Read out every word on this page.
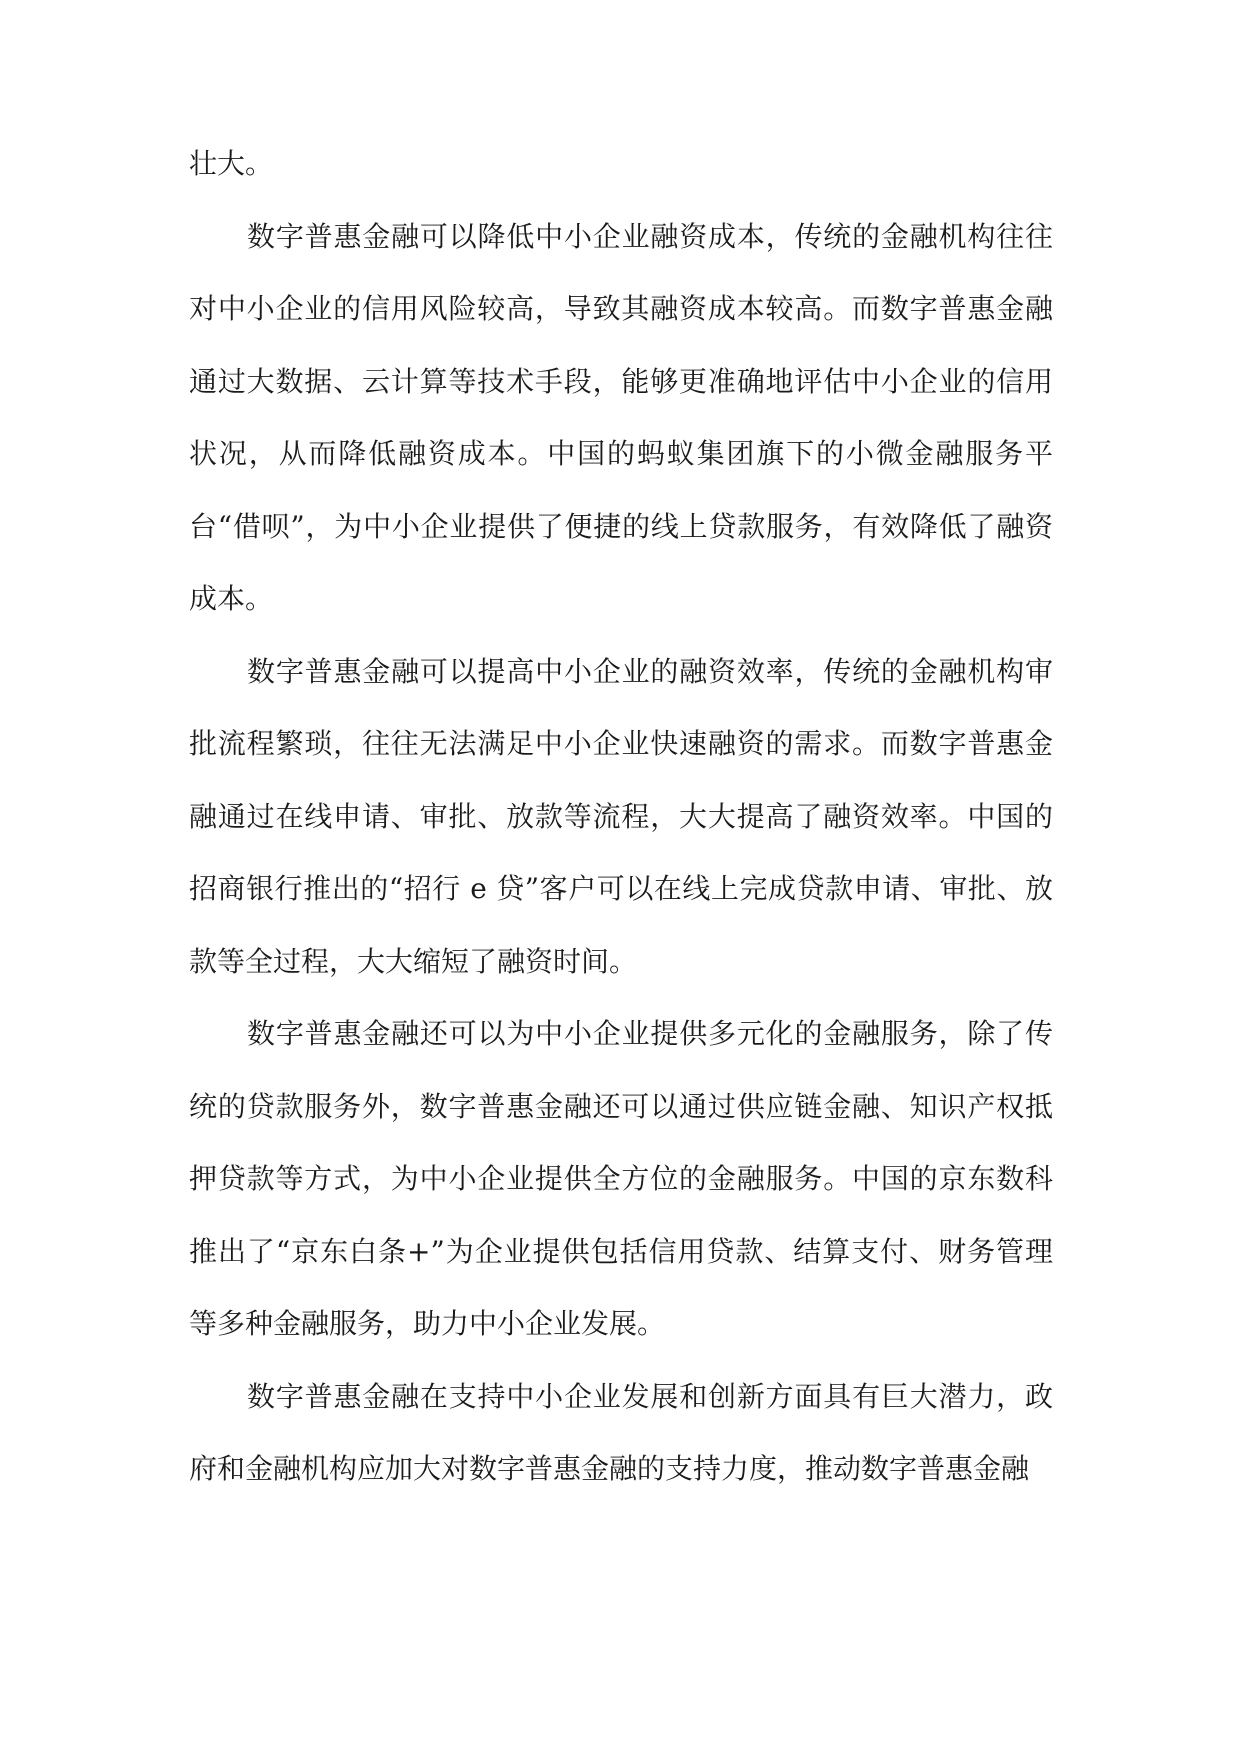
壮大。

数字普惠金融可以降低中小企业融资成本，传统的金融机构往往对中小企业的信用风险较高，导致其融资成本较高。而数字普惠金融通过大数据、云计算等技术手段，能够更准确地评估中小企业的信用状况，从而降低融资成本。中国的蚂蚁集团旗下的小微金融服务平台“借呗”，为中小企业提供了便捷的线上贷款服务，有效降低了融资成本。

数字普惠金融可以提高中小企业的融资效率，传统的金融机构审批流程繁琐，往往无法满足中小企业快速融资的需求。而数字普惠金融通过在线申请、审批、放款等流程，大大提高了融资效率。中国的招商银行推出的“招行 e 贷”客户可以在线上完成贷款申请、审批、放款等全过程，大大缩短了融资时间。

数字普惠金融还可以为中小企业提供多元化的金融服务，除了传统的贷款服务外，数字普惠金融还可以通过供应链金融、知识产权抵押贷款等方式，为中小企业提供全方位的金融服务。中国的京东数科推出了“京东白条+”为企业提供包括信用贷款、结算支付、财务管理等多种金融服务，助力中小企业发展。

数字普惠金融在支持中小企业发展和创新方面具有巨大潜力，政府和金融机构应加大对数字普惠金融的支持力度，推动数字普惠金融
